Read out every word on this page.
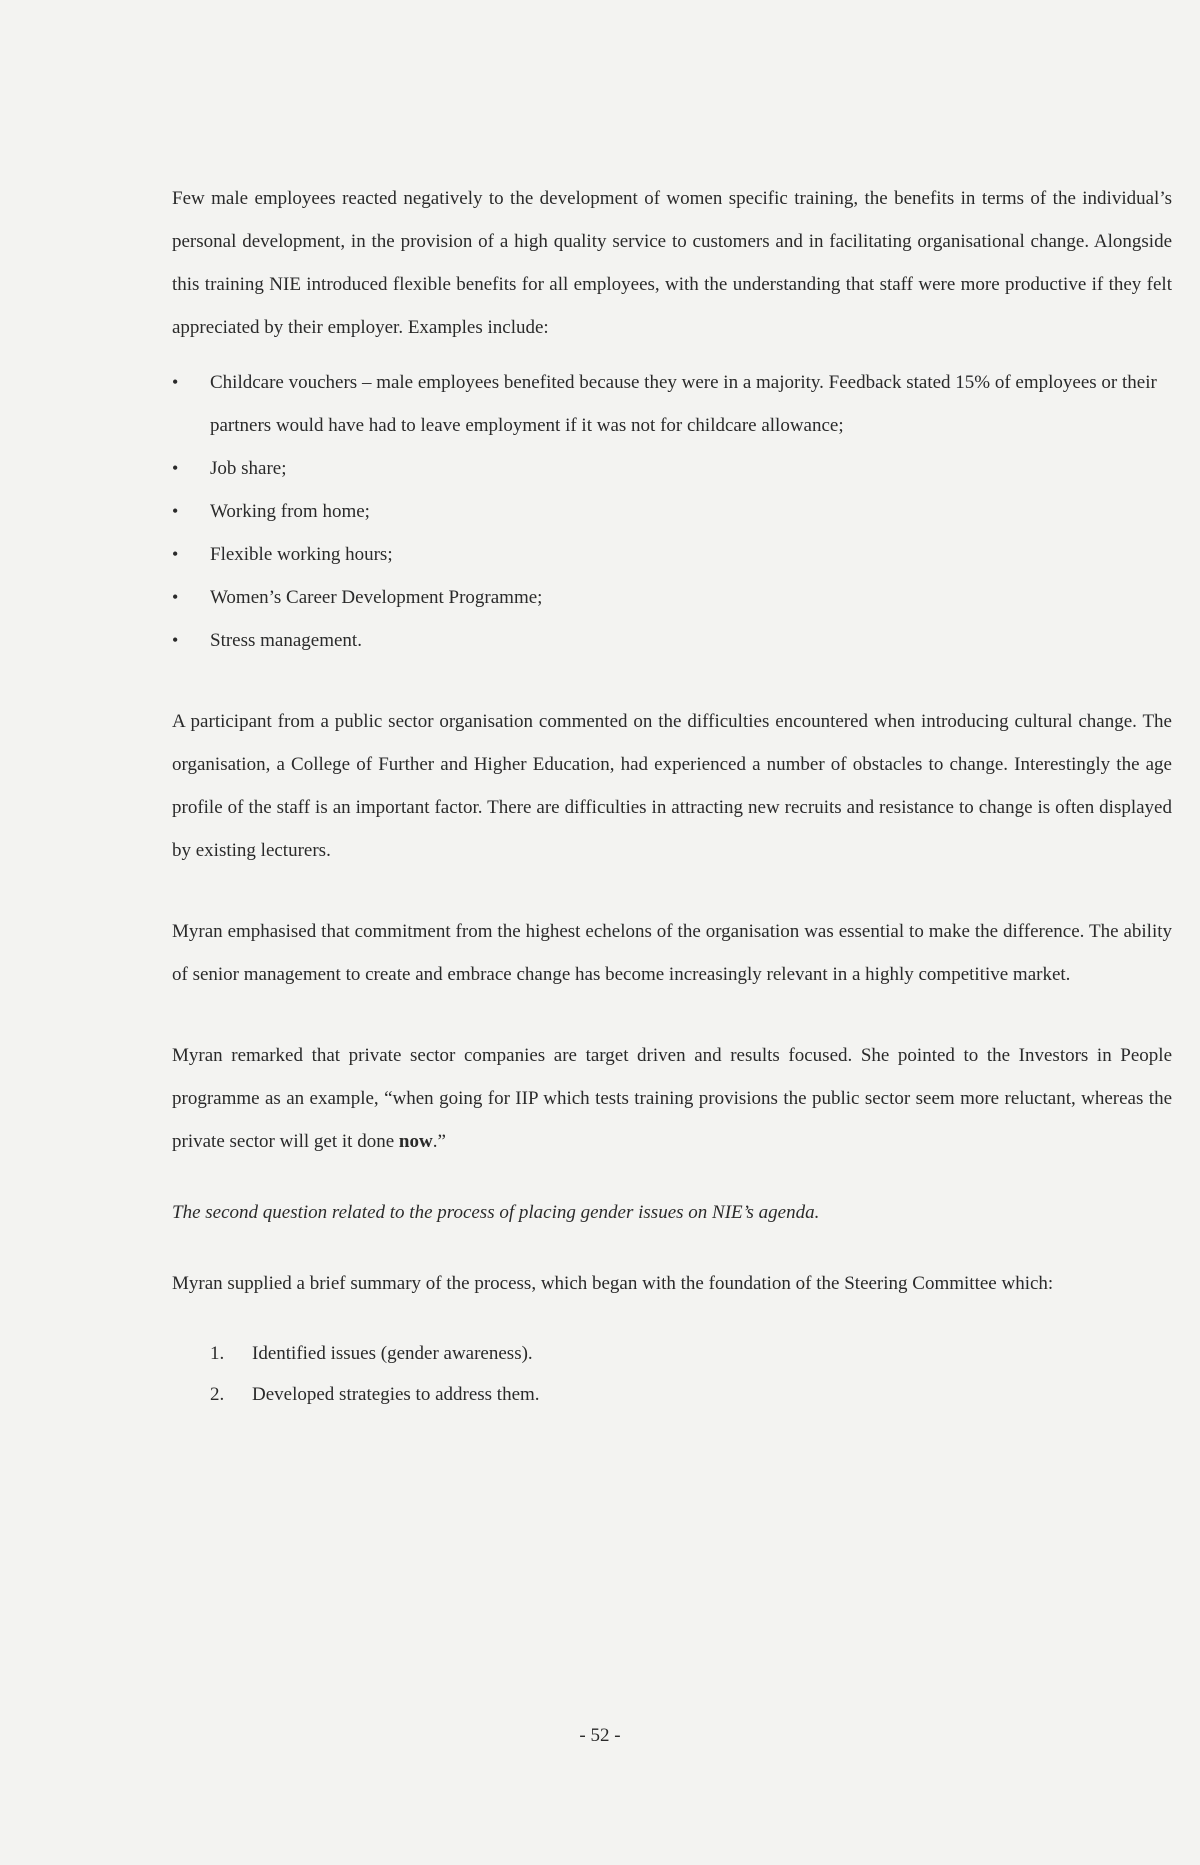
Few male employees reacted negatively to the development of women specific training, the benefits in terms of the individual’s personal development, in the provision of a high quality service to customers and in facilitating organisational change. Alongside this training NIE introduced flexible benefits for all employees, with the understanding that staff were more productive if they felt appreciated by their employer. Examples include:

•	Childcare vouchers – male employees benefited because they were in a majority. Feedback stated 15% of employees or their partners would have had to leave employment if it was not for childcare allowance;
•	Job share;
•	Working from home;
•	Flexible working hours;
•	Women’s Career Development Programme;
•	Stress management.

A participant from a public sector organisation commented on the difficulties encountered when introducing cultural change. The organisation, a College of Further and Higher Education, had experienced a number of obstacles to change. Interestingly the age profile of the staff is an important factor. There are difficulties in attracting new recruits and resistance to change is often displayed by existing lecturers.

Myran emphasised that commitment from the highest echelons of the organisation was essential to make the difference. The ability of senior management to create and embrace change has become increasingly relevant in a highly competitive market.

Myran remarked that private sector companies are target driven and results focused. She pointed to the Investors in People programme as an example, “when going for IIP which tests training provisions the public sector seem more reluctant, whereas the private sector will get it done now.”

The second question related to the process of placing gender issues on NIE’s agenda.

Myran supplied a brief summary of the process, which began with the foundation of the Steering Committee which:

1. Identified issues (gender awareness).
2. Developed strategies to address them.
- 52 -
